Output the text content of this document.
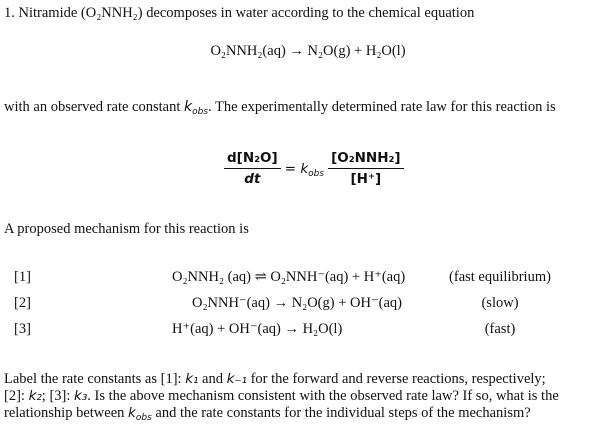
1. Nitramide (O₂NNH₂) decomposes in water according to the chemical equation
O₂NNH₂(aq) → N₂O(g) + H₂O(l)
with an observed rate constant $k_{obs}$. The experimentally determined rate law for this reaction is
$\frac{\text{d[N₂O]}}{dt} = k_{obs} \frac{\text{[O₂NNH₂]}}{[H^+]}$
A proposed mechanism for this reaction is
[1]	O₂NNH₂ (aq) ⇌ O₂NNH⁻(aq) + H⁺(aq)	(fast equilibrium)
[2]	O₂NNH⁻(aq) → N₂O(g) + OH⁻(aq)	(slow)
[3]	H⁺(aq) + OH⁻(aq) → H₂O(l)	(fast)
Label the rate constants as [1]: k₁ and k₋₁ for the forward and reverse reactions, respectively;
[2]: k₂; [3]: k₃. Is the above mechanism consistent with the observed rate law? If so, what is the
relationship between $k_{obs}$ and the rate constants for the individual steps of the mechanism?
